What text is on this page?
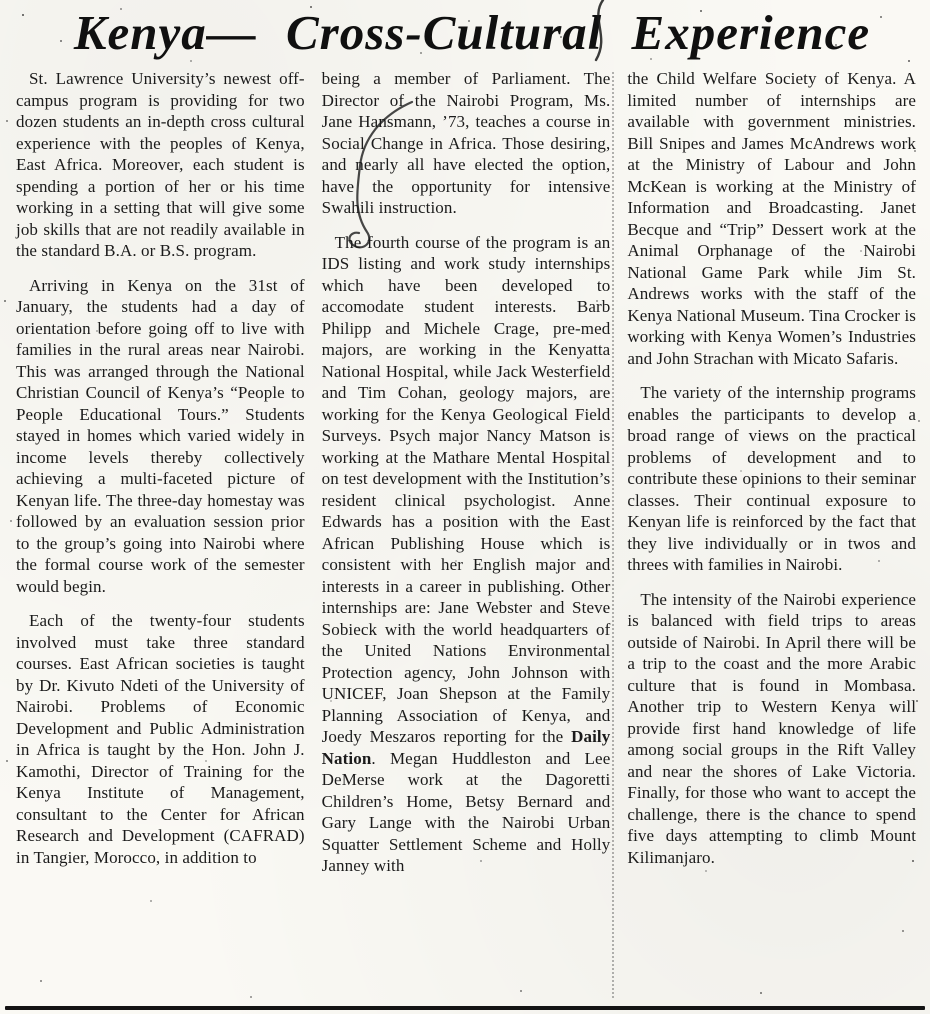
Kenya— Cross-Cultural Experience

St. Lawrence University’s newest off-campus program is providing for two dozen students an in-depth cross cultural experience with the peoples of Kenya, East Africa. Moreover, each student is spending a portion of her or his time working in a setting that will give some job skills that are not readily available in the standard B.A. or B.S. program.

Arriving in Kenya on the 31st of January, the students had a day of orientation before going off to live with families in the rural areas near Nairobi. This was arranged through the National Christian Council of Kenya’s “People to People Educational Tours.” Students stayed in homes which varied widely in income levels thereby collectively achieving a multi-faceted picture of Kenyan life. The three-day homestay was followed by an evaluation session prior to the group’s going into Nairobi where the formal course work of the semester would begin.

Each of the twenty-four students involved must take three standard courses. East African societies is taught by Dr. Kivuto Ndeti of the University of Nairobi. Problems of Economic Development and Public Administration in Africa is taught by the Hon. John J. Kamothi, Director of Training for the Kenya Institute of Management, consultant to the Center for African Research and Development (CAFRAD) in Tangier, Morocco, in addition to

being a member of Parliament. The Director of the Nairobi Program, Ms. Jane Hansmann, ’73, teaches a course in Social Change in Africa. Those desiring, and nearly all have elected the option, have the opportunity for intensive Swahili instruction.

The fourth course of the program is an IDS listing and work study internships which have been developed to accomodate student interests. Barb Philipp and Michele Crage, pre-med majors, are working in the Kenyatta National Hospital, while Jack Westerfield and Tim Cohan, geology majors, are working for the Kenya Geological Field Surveys. Psych major Nancy Matson is working at the Mathare Mental Hospital on test development with the Institution’s resident clinical psychologist. Anne Edwards has a position with the East African Publishing House which is consistent with her English major and interests in a career in publishing. Other internships are: Jane Webster and Steve Sobieck with the world headquarters of the United Nations Environmental Protection agency, John Johnson with UNICEF, Joan Shepson at the Family Planning Association of Kenya, and Joedy Meszaros reporting for the Daily Nation. Megan Huddleston and Lee DeMerse work at the Dagoretti Children’s Home, Betsy Bernard and Gary Lange with the Nairobi Urban Squatter Settlement Scheme and Holly Janney with

the Child Welfare Society of Kenya. A limited number of internships are available with government ministries. Bill Snipes and James McAndrews work at the Ministry of Labour and John McKean is working at the Ministry of Information and Broadcasting. Janet Becque and “Trip” Dessert work at the Animal Orphanage of the Nairobi National Game Park while Jim St. Andrews works with the staff of the Kenya National Museum. Tina Crocker is working with Kenya Women’s Industries and John Strachan with Micato Safaris.

The variety of the internship programs enables the participants to develop a broad range of views on the practical problems of development and to contribute these opinions to their seminar classes. Their continual exposure to Kenyan life is reinforced by the fact that they live individually or in twos and threes with families in Nairobi.

The intensity of the Nairobi experience is balanced with field trips to areas outside of Nairobi. In April there will be a trip to the coast and the more Arabic culture that is found in Mombasa. Another trip to Western Kenya will provide first hand knowledge of life among social groups in the Rift Valley and near the shores of Lake Victoria. Finally, for those who want to accept the challenge, there is the chance to spend five days attempting to climb Mount Kilimanjaro.
